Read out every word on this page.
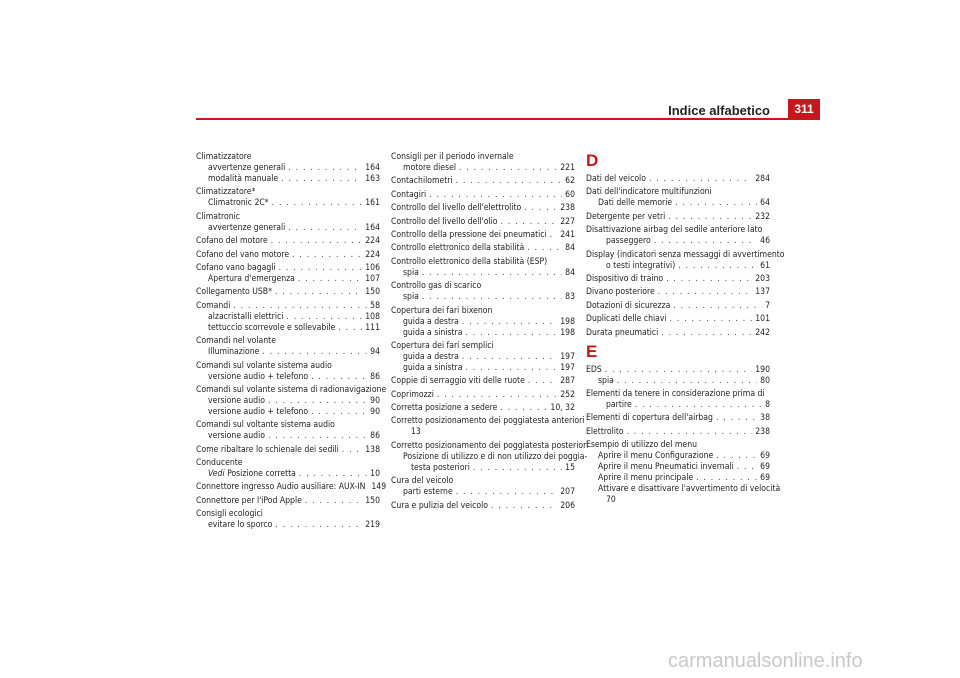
Indice alfabetico	311
Climatizzatore
avvertenze generali . . .	164
modalità manuale . . .	163
Climatizzatore*
Climatronic 2C* . . .	161
Climatronic
avvertenze generali . . .	164
Cofano del motore . . .	224
Cofano del vano motore . . .	224
Cofano vano bagagli . . .	106
Apertura d'emergenza . . .	107
Collegamento USB* . . .	150
Comandi . . .	58
alzacristalli elettrici . . .	108
tettuccio scorrevole e sollevabile . . .	111
Comandi nel volante
Illuminazione . . .	94
Comandi sul volante sistema audio
versione audio + telefono . . .	86
Comandi sul volante sistema di radionavigazione
versione audio . . .	90
versione audio + telefono . . .	90
Comandi sul voltante sistema audio
versione audio . . .	86
Come ribaltare lo schienale dei sedili . . .	138
Conducente
Vedi Posizione corretta . . .	10
Connettore ingresso Audio ausiliare: AUX-IN 149
Connettore per l'iPod Apple . . .	150
Consigli ecologici
evitare lo sporco . . .	219
Consigli per il periodo invernale
motore diesel . . .	221
Contachilometri . . .	62
Contagiri . . .	60
Controllo del livello dell'elettrolito . . .	238
Controllo del livello dell'olio . . .	227
Controllo della pressione dei pneumatici . . . 241
Controllo elettronico della stabilità . . .	84
Controllo elettronico della stabilità (ESP)
spia . . .	84
Controllo gas di scarico
spia . . .	83
Copertura dei fari bixenon
guida a destra . . .	198
guida a sinistra . . .	198
Copertura dei fari semplici
guida a destra . . .	197
guida a sinistra . . .	197
Coppie di serraggio viti delle ruote . . .	287
Coprimozzi . . .	252
Corretta posizione a sedere . . .	10, 32
Corretto posizionamento dei poggiatesta anteriori
13
Corretto posizionamento dei poggiatesta posteriori
Posizione di utilizzo e di non utilizzo dei poggia-
testa posteriori . . .	15
Cura del veicolo
parti esterne . . .	207
Cura e pulizia del veicolo . . .	206
D
Dati del veicolo . . .	284
Dati dell'indicatore multifunzioni
Dati delle memorie . . .	64
Detergente per vetri . . .	232
Disattivazione airbag del sedile anteriore lato
passeggero . . .	46
Display (indicatori senza messaggi di avvertimento
o testi integrativi) . . .	61
Dispositivo di traino . . .	203
Divano posteriore . . .	137
Dotazioni di sicurezza . . .	7
Duplicati delle chiavi . . .	101
Durata pneumatici . . .	242
E
EDS . . .	190
spia . . .	80
Elementi da tenere in considerazione prima di
partire . . .	8
Elementi di copertura dell'airbag . . .	38
Elettrolito . . .	238
Esempio di utilizzo del menu
Aprire il menu Configurazione . . .	69
Aprire il menu Pneumatici invernali . . .	69
Aprire il menu principale . . .	69
Attivare e disattivare l'avvertimento di velocità
70
carmanualsonline.info
